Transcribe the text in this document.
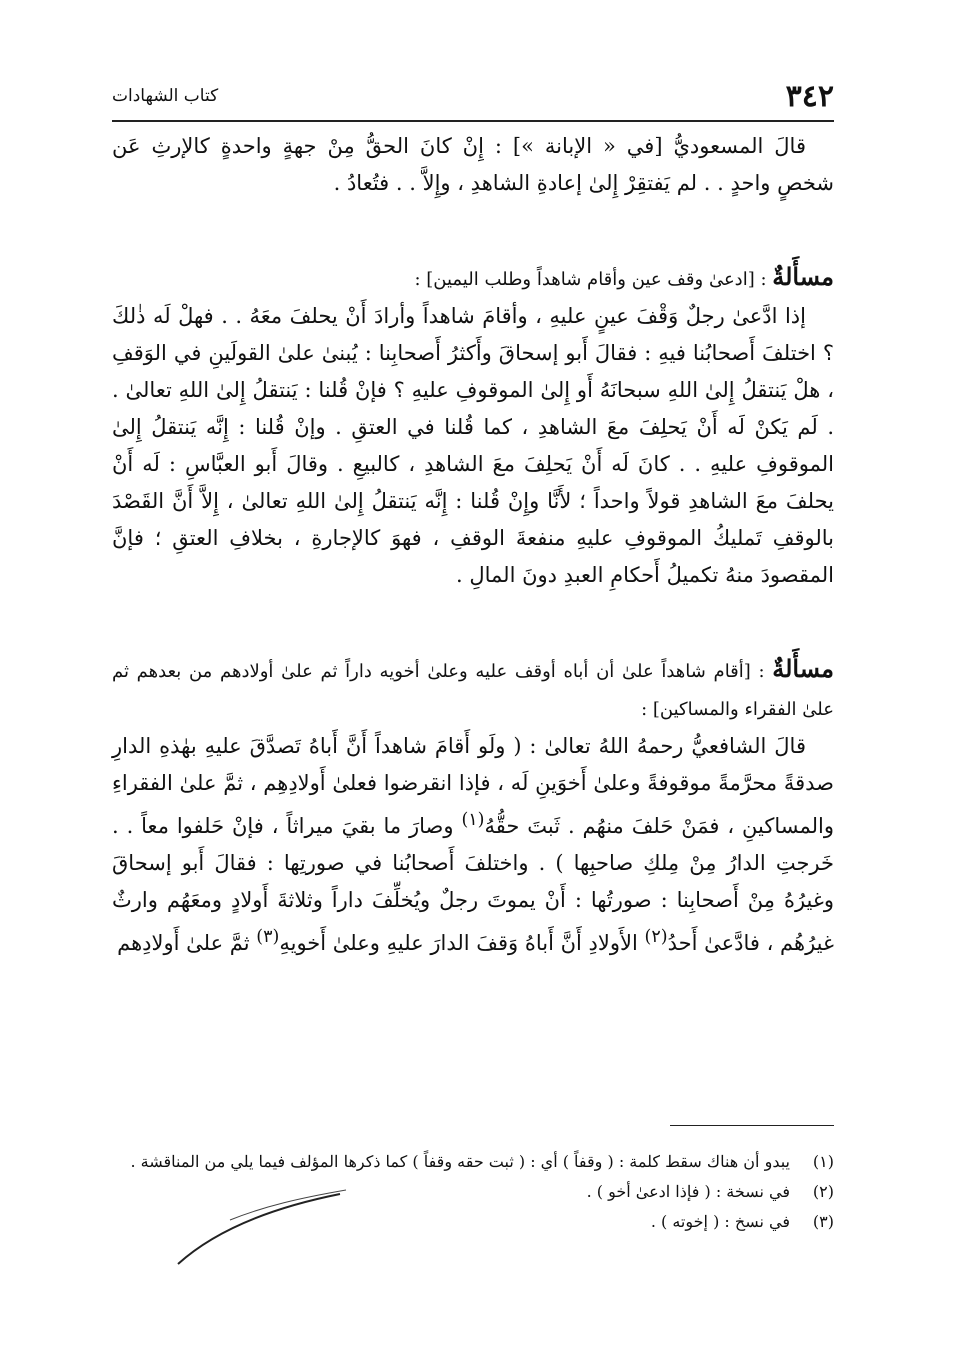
٣٤٢
كتاب الشهادات

قالَ المسعوديُّ [في « الإبانة »] : إِنْ كانَ الحقُّ مِنْ جهةٍ واحدةٍ كالإرثِ عَن شخصٍ واحدٍ . . لم يَفتقِرْ إِلىٰ إعادةِ الشاهدِ ، وإِلاَّ . . فتُعادُ .

مسأَلةٌ : [ادعىٰ وقف عين وأقام شاهداً وطلب اليمين] :

إذا ادَّعىٰ رجلٌ وَقْفَ عينٍ عليهِ ، وأقامَ شاهداً وأرادَ أَنْ يحلفَ معَهُ . . فهلْ لَه ذٰلكَ ؟ اختلفَ أَصحابُنا فيهِ : فقالَ أَبو إسحاقَ وأَكثرُ أَصحابِنا : يُبنىٰ علىٰ القولَينِ في الوَقفِ ، هلْ يَنتقلُ إِلىٰ اللهِ سبحانَهُ أَو إِلىٰ الموقوفِ عليهِ ؟ فإنْ قُلنا : يَنتقلُ إِلىٰ اللهِ تعالىٰ . . لَم يَكنْ لَه أَنْ يَحلِفَ معَ الشاهدِ ، كما قُلنا في العتقِ . وإنْ قُلنا : إِنَّه يَنتقلُ إِلىٰ الموقوفِ عليهِ . . كانَ لَه أَنْ يَحلِفَ معَ الشاهدِ ، كالبيعِ . وقالَ أَبو العبَّاسِ : لَه أَنْ يحلفَ معَ الشاهدِ قولاً واحداً ؛ لأَنَّا وإِنْ قُلنا : إِنَّه يَنتقلُ إِلىٰ اللهِ تعالىٰ ، إِلاَّ أَنَّ القَصْدَ بالوقفِ تَمليكُ الموقوفِ عليهِ منفعةَ الوقفِ ، فهوَ كالإجارةِ ، بخلافِ العتقِ ؛ فإنَّ المقصودَ منهُ تكميلُ أَحكامِ العبدِ دونَ المالِ .

مسأَلةٌ : [أقام شاهداً علىٰ أن أباه أوقف عليه وعلىٰ أخويه داراً ثم علىٰ أولادهم من بعدهم ثم علىٰ الفقراء والمساكين] :

قالَ الشافعيُّ رحمهُ اللهُ تعالىٰ : ( ولَو أَقامَ شاهداً أَنَّ أَباهُ تَصدَّقَ عليهِ بهٰذهِ الدارِ صدقةً محرَّمةً موقوفةً وعلىٰ أَخوَينِ لَه ، فإذا انقرضوا فعلىٰ أَولادِهِم ، ثمَّ علىٰ الفقراءِ والمساكينِ ، فمَنْ حَلفَ منهُم . ثَبتَ حقُّهُ$^{(١)}$ وصارَ ما بقيَ ميراثاً ، فإنْ حَلفوا معاً . . خَرجتِ الدارُ مِنْ مِلكِ صاحبِها ) . واختلفَ أَصحابُنا في صورتِها : فقالَ أَبو إسحاقَ وغيرُهُ مِنْ أَصحابِنا : صورتُها : أَنْ يموتَ رجلٌ ويُخلِّفَ داراً وثلاثةَ أَولادٍ ومعَهُم وارثٌ غيرُهُم ، فادَّعىٰ أَحدُ$^{(٢)}$ الأَولادِ أَنَّ أَباهُ وَقفَ الدارَ عليهِ وعلىٰ أَخويهِ$^{(٣)}$ ثمَّ علىٰ أَولادِهم

(١)
يبدو أن هناك سقط كلمة : ( وقفاً ) أي : ( ثبت حقه وقفاً ) كما ذكرها المؤلف فيما يلي من المناقشة .
(٢)
في نسخة : ( فإذا ادعىٰ أخو ) .
(٣)
في نسخ : ( إخوته ) .
